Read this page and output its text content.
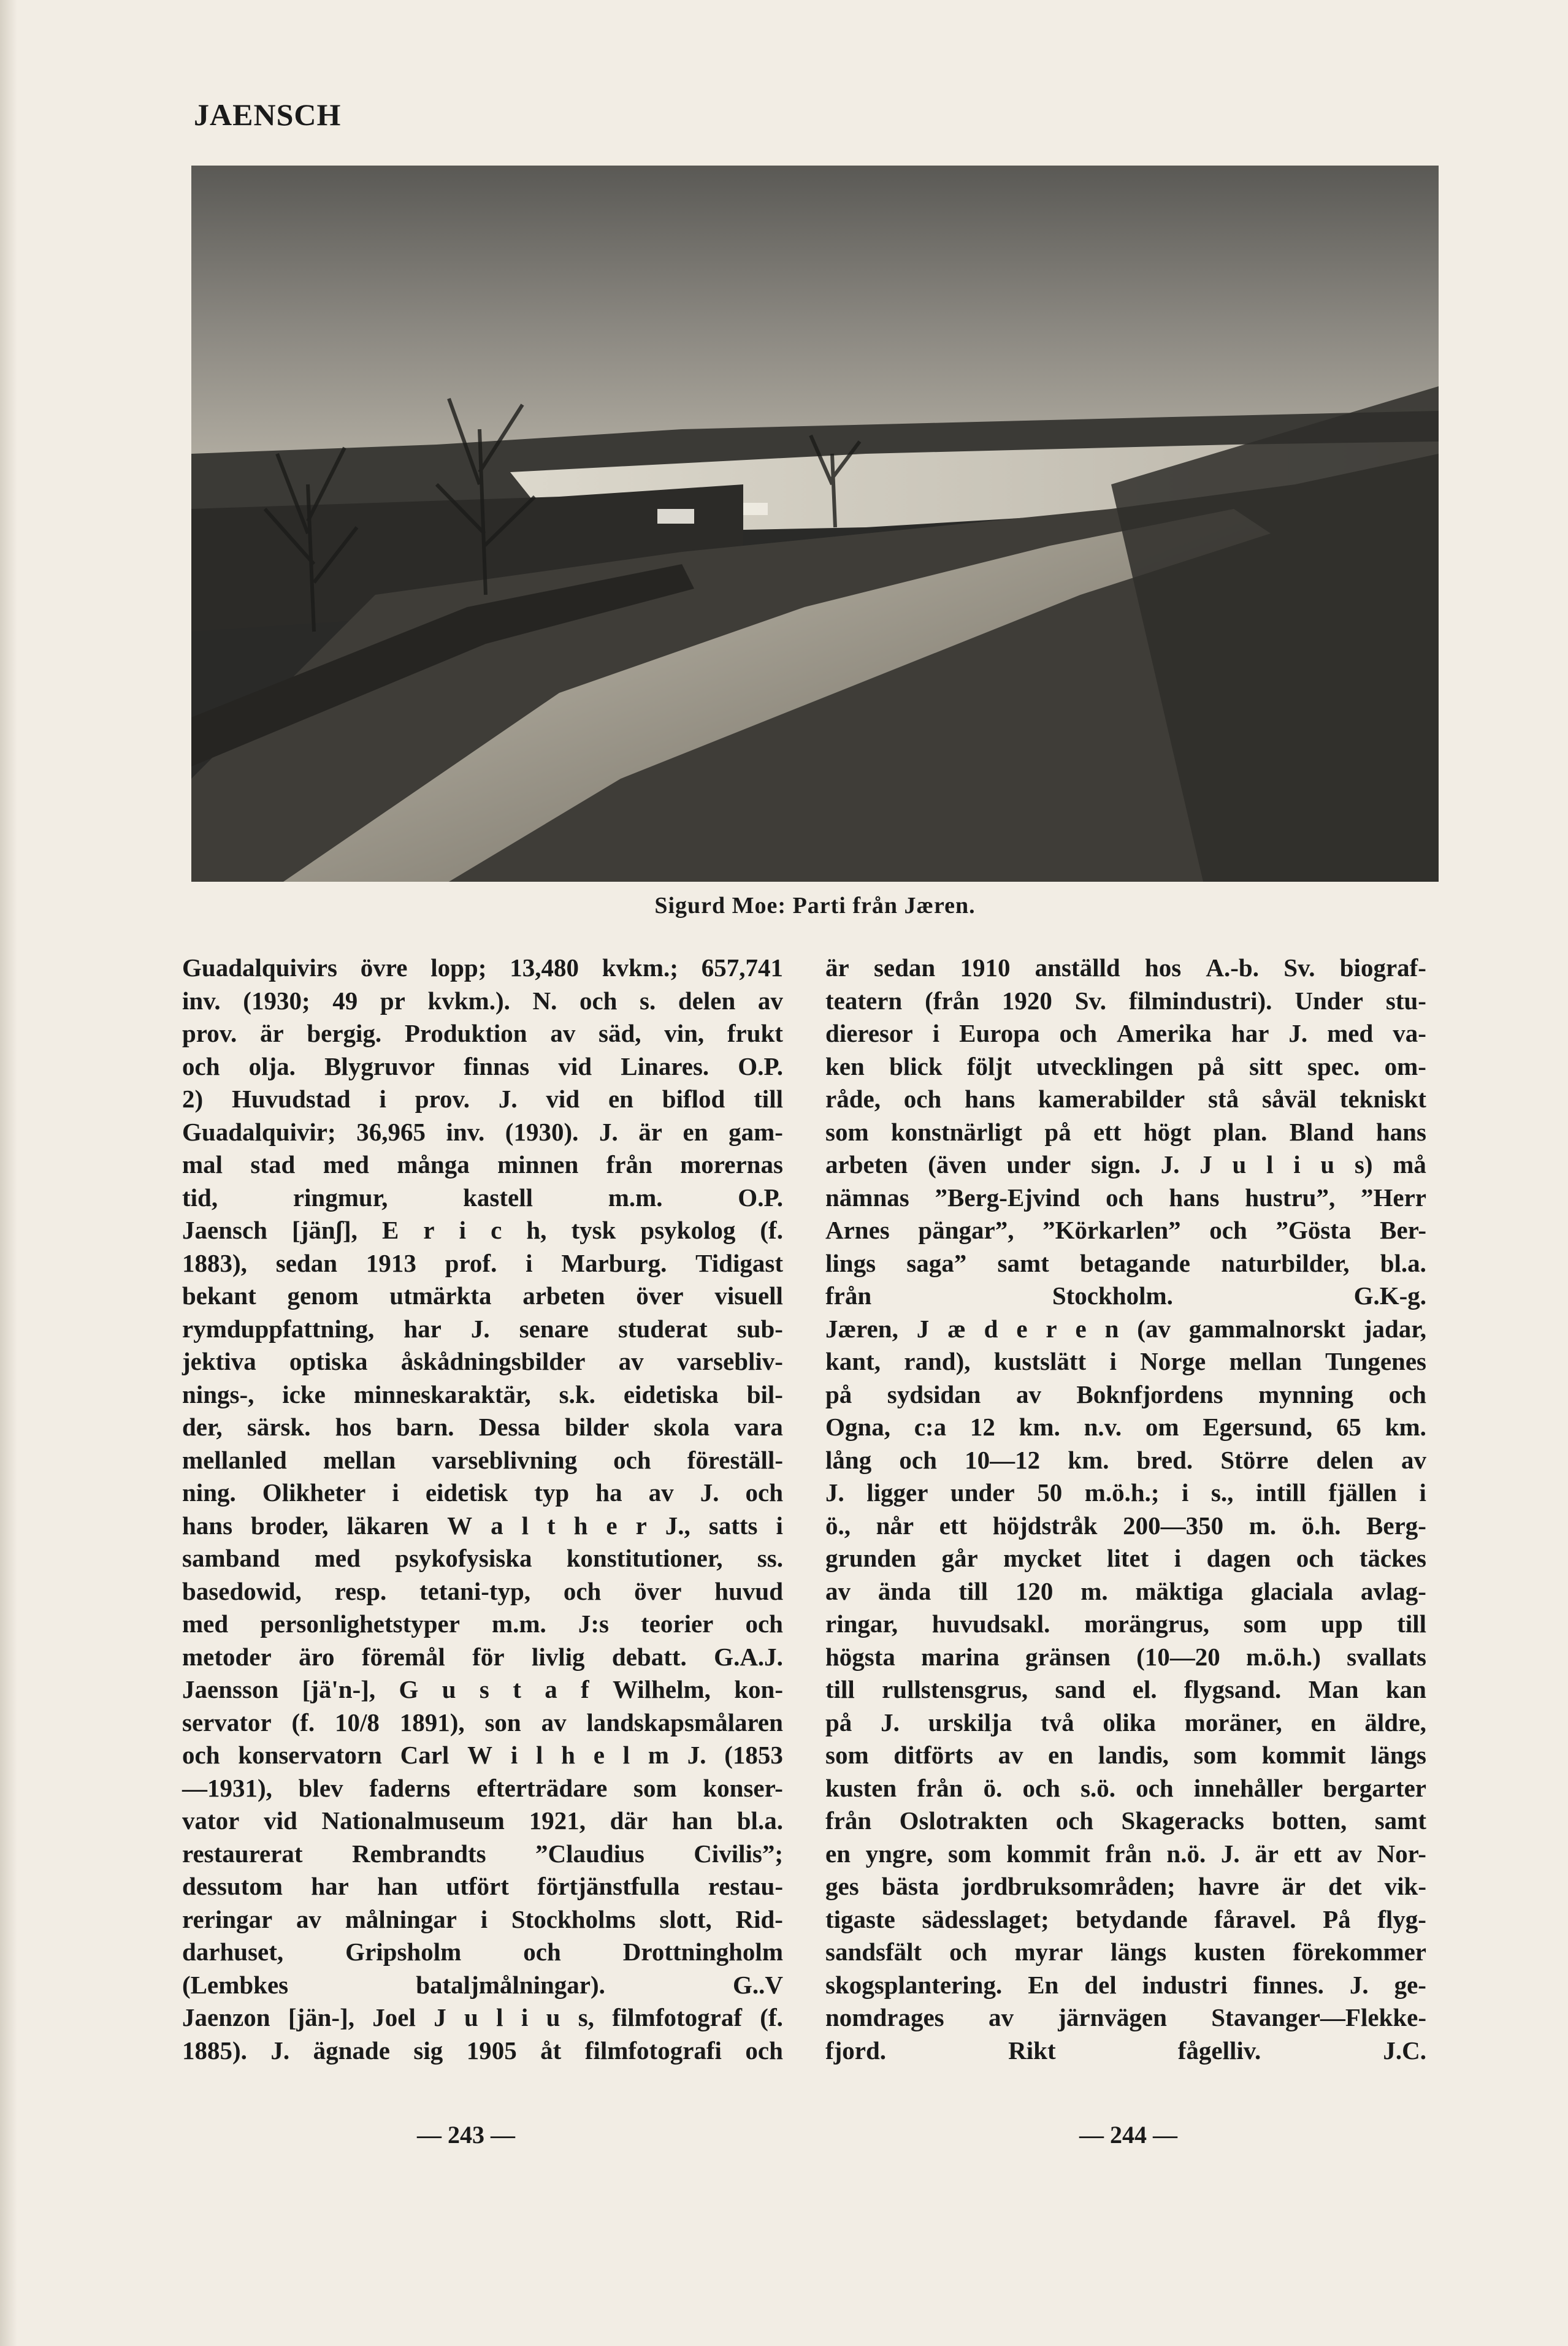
JAENSCH
Sigurd Moe: Parti från Jæren.
Guadalquivirs övre lopp; 13,480 kvkm.; 657,741
inv. (1930; 49 pr kvkm.). N. och s. delen av
prov. är bergig. Produktion av säd, vin, frukt
och olja. Blygruvor finnas vid Linares. O.P.
2) Huvudstad i prov. J. vid en biflod till
Guadalquivir; 36,965 inv. (1930). J. är en gam-
mal stad med många minnen från morernas
tid,	ringmur,	kastell	m.m.	O.P.
Jaensch [jänʃ], E r i c h, tysk psykolog (f.
1883), sedan 1913 prof. i Marburg. Tidigast
bekant genom utmärkta arbeten över visuell
rymduppfattning, har J. senare studerat sub-
jektiva optiska åskådningsbilder av varsebliv-
nings-, icke minneskaraktär, s.k. eidetiska bil-
der, särsk. hos barn. Dessa bilder skola vara
mellanled mellan varseblivning och föreställ-
ning. Olikheter i eidetisk typ ha av J. och
hans broder, läkaren W a l t h e r J., satts i
samband med psykofysiska konstitutioner, ss.
basedowid, resp. tetani-typ, och över huvud
med personlighetstyper m.m. J:s teorier och
metoder äro föremål för livlig debatt. G.A.J.
Jaensson [jä'n-], G u s t a f Wilhelm, kon-
servator (f. 10/8 1891), son av landskapsmålaren
och konservatorn Carl W i l h e l m J. (1853
—1931), blev faderns efterträdare som konser-
vator vid Nationalmuseum 1921, där han bl.a.
restaurerat Rembrandts ”Claudius Civilis”;
dessutom har han utfört förtjänstfulla restau-
reringar av målningar i Stockholms slott, Rid-
darhuset, Gripsholm och Drottningholm
(Lembkes	bataljmålningar).	G..V
Jaenzon [jän-], Joel J u l i u s, filmfotograf (f.
1885). J. ägnade sig 1905 åt filmfotografi och
är sedan 1910 anställd hos A.-b. Sv. biograf-
teatern (från 1920 Sv. filmindustri). Under stu-
dieresor i Europa och Amerika har J. med va-
ken blick följt utvecklingen på sitt spec. om-
råde, och hans kamerabilder stå såväl tekniskt
som konstnärligt på ett högt plan. Bland hans
arbeten (även under sign. J. J u l i u s) må
nämnas ”Berg-Ejvind och hans hustru”, ”Herr
Arnes pängar”, ”Körkarlen” och ”Gösta Ber-
lings saga” samt betagande naturbilder, bl.a.
från	Stockholm.	G.K-g.
Jæren, J æ d e r e n (av gammalnorskt jadar,
kant, rand), kustslätt i Norge mellan Tungenes
på sydsidan av Boknfjordens mynning och
Ogna, c:a 12 km. n.v. om Egersund, 65 km.
lång och 10—12 km. bred. Större delen av
J. ligger under 50 m.ö.h.; i s., intill fjällen i
ö., når ett höjdstråk 200—350 m. ö.h. Berg-
grunden går mycket litet i dagen och täckes
av ända till 120 m. mäktiga glaciala avlag-
ringar, huvudsakl. morängrus, som upp till
högsta marina gränsen (10—20 m.ö.h.) svallats
till rullstensgrus, sand el. flygsand. Man kan
på J. urskilja två olika moräner, en äldre,
som ditförts av en landis, som kommit längs
kusten från ö. och s.ö. och innehåller bergarter
från Oslotrakten och Skageracks botten, samt
en yngre, som kommit från n.ö. J. är ett av Nor-
ges bästa jordbruksområden; havre är det vik-
tigaste sädesslaget; betydande fåravel. På flyg-
sandsfält och myrar längs kusten förekommer
skogsplantering. En del industri finnes. J. ge-
nomdrages av järnvägen Stavanger—Flekke-
fjord.	Rikt	fågelliv.	J.C.
— 243 —	— 244 —
